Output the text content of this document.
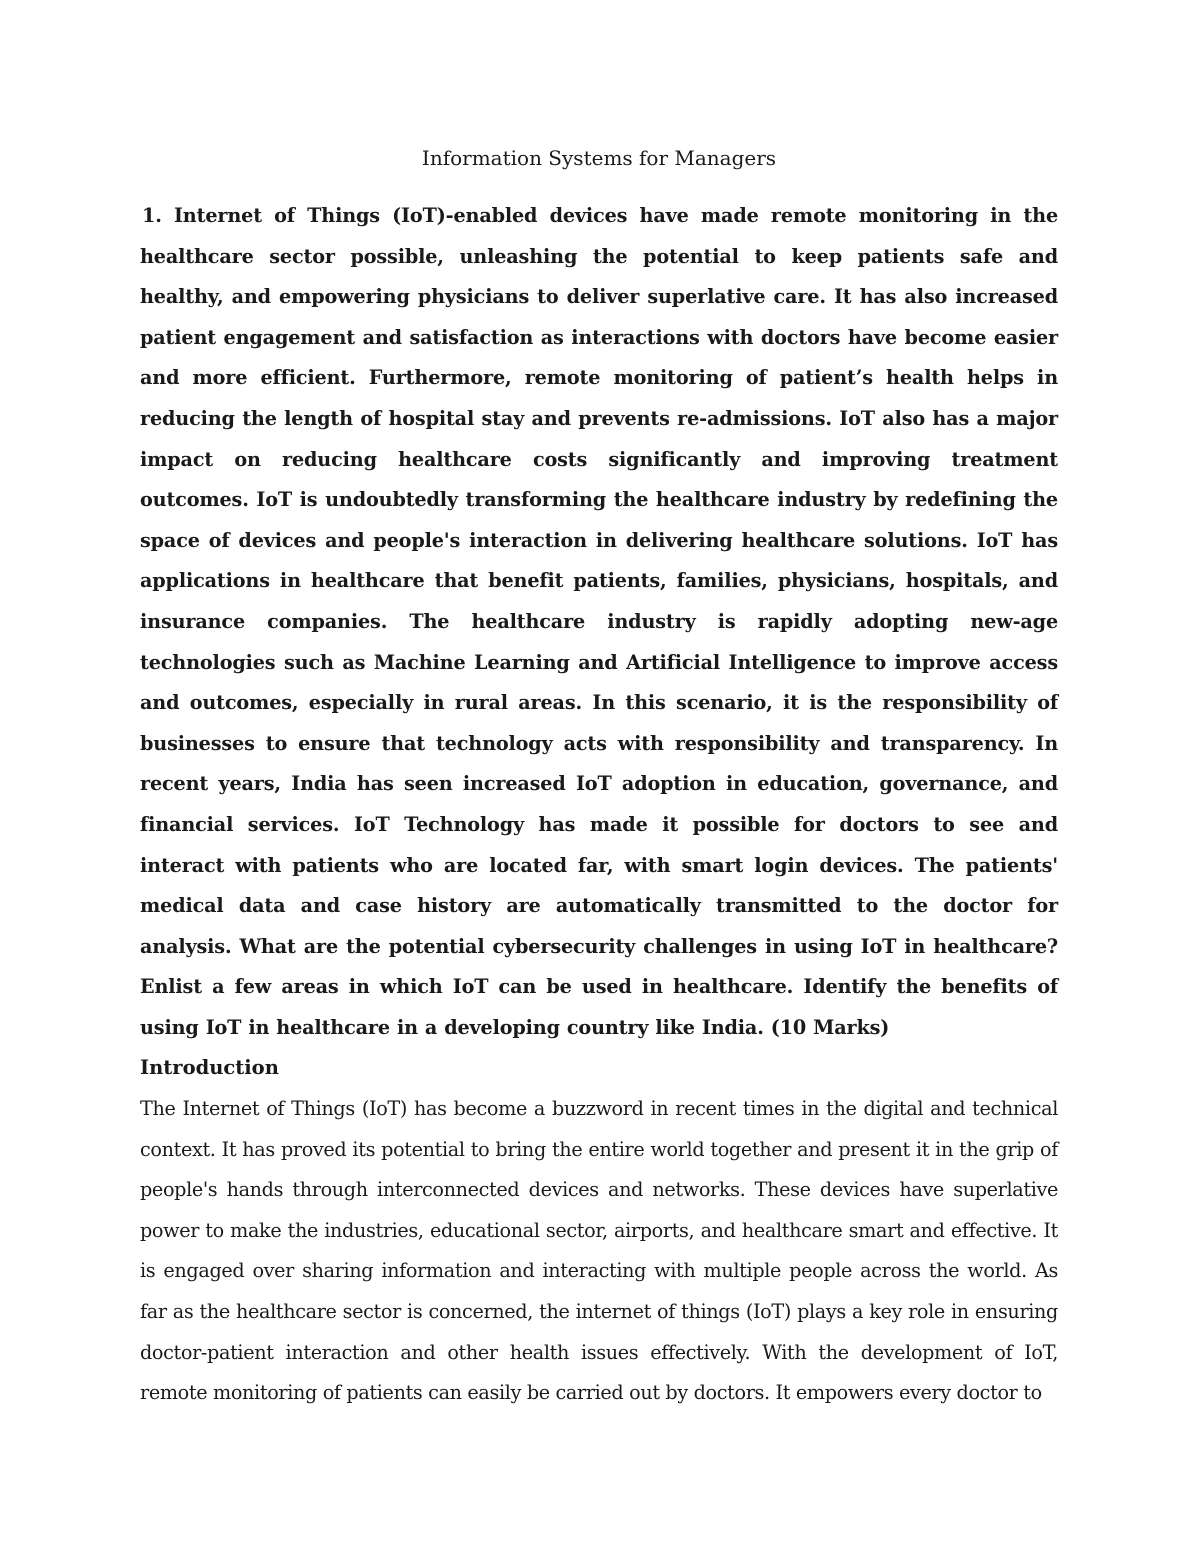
Information Systems for Managers

1. Internet of Things (IoT)-enabled devices have made remote monitoring in the healthcare sector possible, unleashing the potential to keep patients safe and healthy, and empowering physicians to deliver superlative care. It has also increased patient engagement and satisfaction as interactions with doctors have become easier and more efficient. Furthermore, remote monitoring of patient’s health helps in reducing the length of hospital stay and prevents re-admissions. IoT also has a major impact on reducing healthcare costs significantly and improving treatment outcomes. IoT is undoubtedly transforming the healthcare industry by redefining the space of devices and people's interaction in delivering healthcare solutions. IoT has applications in healthcare that benefit patients, families, physicians, hospitals, and insurance companies. The healthcare industry is rapidly adopting new-age technologies such as Machine Learning and Artificial Intelligence to improve access and outcomes, especially in rural areas. In this scenario, it is the responsibility of businesses to ensure that technology acts with responsibility and transparency. In recent years, India has seen increased IoT adoption in education, governance, and financial services. IoT Technology has made it possible for doctors to see and interact with patients who are located far, with smart login devices. The patients' medical data and case history are automatically transmitted to the doctor for analysis. What are the potential cybersecurity challenges in using IoT in healthcare? Enlist a few areas in which IoT can be used in healthcare. Identify the benefits of using IoT in healthcare in a developing country like India. (10 Marks)

Introduction

The Internet of Things (IoT) has become a buzzword in recent times in the digital and technical context. It has proved its potential to bring the entire world together and present it in the grip of people's hands through interconnected devices and networks. These devices have superlative power to make the industries, educational sector, airports, and healthcare smart and effective. It is engaged over sharing information and interacting with multiple people across the world. As far as the healthcare sector is concerned, the internet of things (IoT) plays a key role in ensuring doctor-patient interaction and other health issues effectively. With the development of IoT, remote monitoring of patients can easily be carried out by doctors. It empowers every doctor to
